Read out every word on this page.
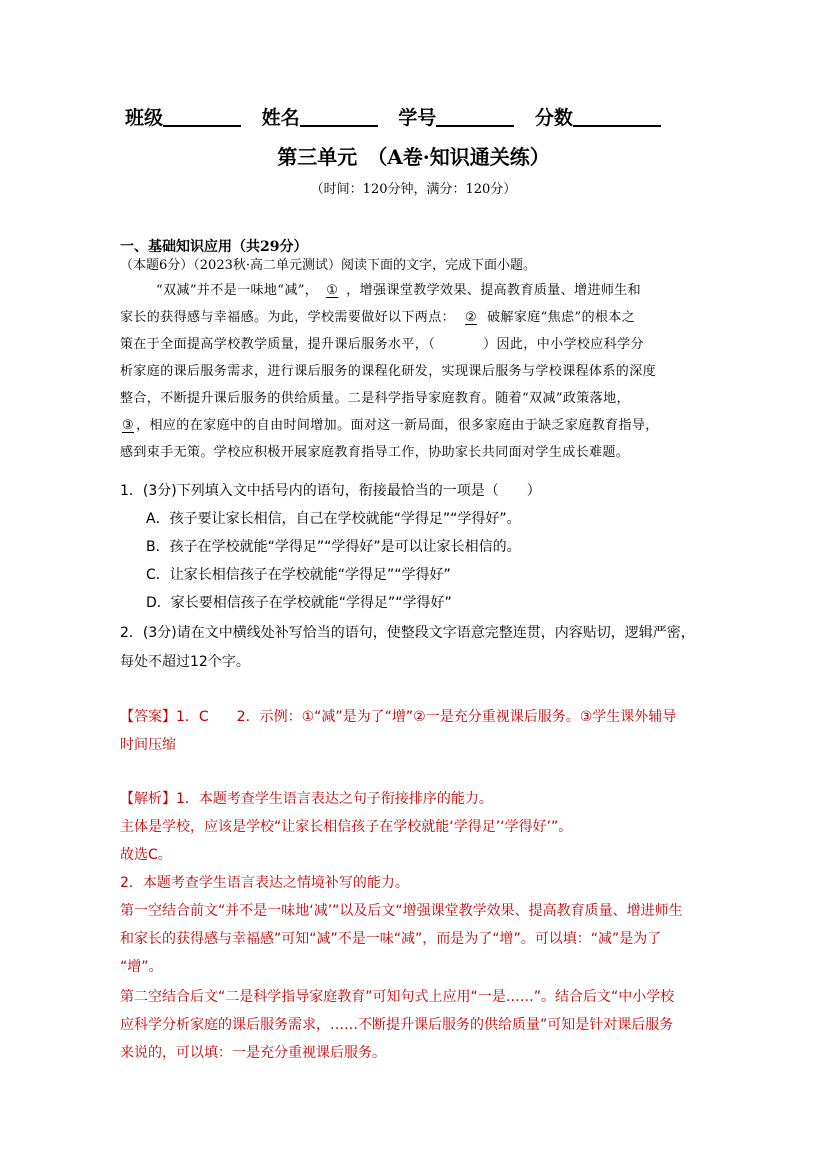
班级	姓名	学号	分数
第三单元　（A卷·知识通关练）
（时间：120分钟，满分：120分）
一、基础知识应用（共29分）
（本题6分）（2023秋·高二单元测试）阅读下面的文字，完成下面小题。
“双减”并不是一味地“减”， ① ，增强课堂教学效果、提高教育质量、增进师生和
家长的获得感与幸福感。为此，学校需要做好以下两点： ② 破解家庭“焦虑”的根本之
策在于全面提高学校教学质量，提升课后服务水平，（	）因此，中小学校应科学分
析家庭的课后服务需求，进行课后服务的课程化研发，实现课后服务与学校课程体系的深度
整合，不断提升课后服务的供给质量。二是科学指导家庭教育。随着“双减”政策落地，
③ ，相应的在家庭中的自由时间增加。面对这一新局面，很多家庭由于缺乏家庭教育指导，
感到束手无策。学校应积极开展家庭教育指导工作，协助家长共同面对学生成长难题。
1．(3分)下列填入文中括号内的语句，衔接最恰当的一项是（　　）
A．孩子要让家长相信，自己在学校就能“学得足”“学得好”。
B．孩子在学校就能“学得足”“学得好”是可以让家长相信的。
C．让家长相信孩子在学校就能“学得足”“学得好”
D．家长要相信孩子在学校就能“学得足”“学得好”
2．(3分)请在文中横线处补写恰当的语句，使整段文字语意完整连贯，内容贴切，逻辑严密，
每处不超过12个字。
【答案】1．C　　2．示例：①“减”是为了“增”②一是充分重视课后服务。③学生课外辅导
时间压缩
【解析】1．本题考查学生语言表达之句子衔接排序的能力。
主体是学校，应该是学校“让家长相信孩子在学校就能‘学得足’‘学得好’”。
故选C。
2．本题考查学生语言表达之情境补写的能力。
第一空结合前文“并不是一味地‘减’”以及后文“增强课堂教学效果、提高教育质量、增进师生
和家长的获得感与幸福感”可知“减”不是一味“减”，而是为了“增”。可以填：“减”是为了
“增”。
第二空结合后文“二是科学指导家庭教育”可知句式上应用“一是……”。结合后文“中小学校
应科学分析家庭的课后服务需求，……不断提升课后服务的供给质量”可知是针对课后服务
来说的，可以填：一是充分重视课后服务。
